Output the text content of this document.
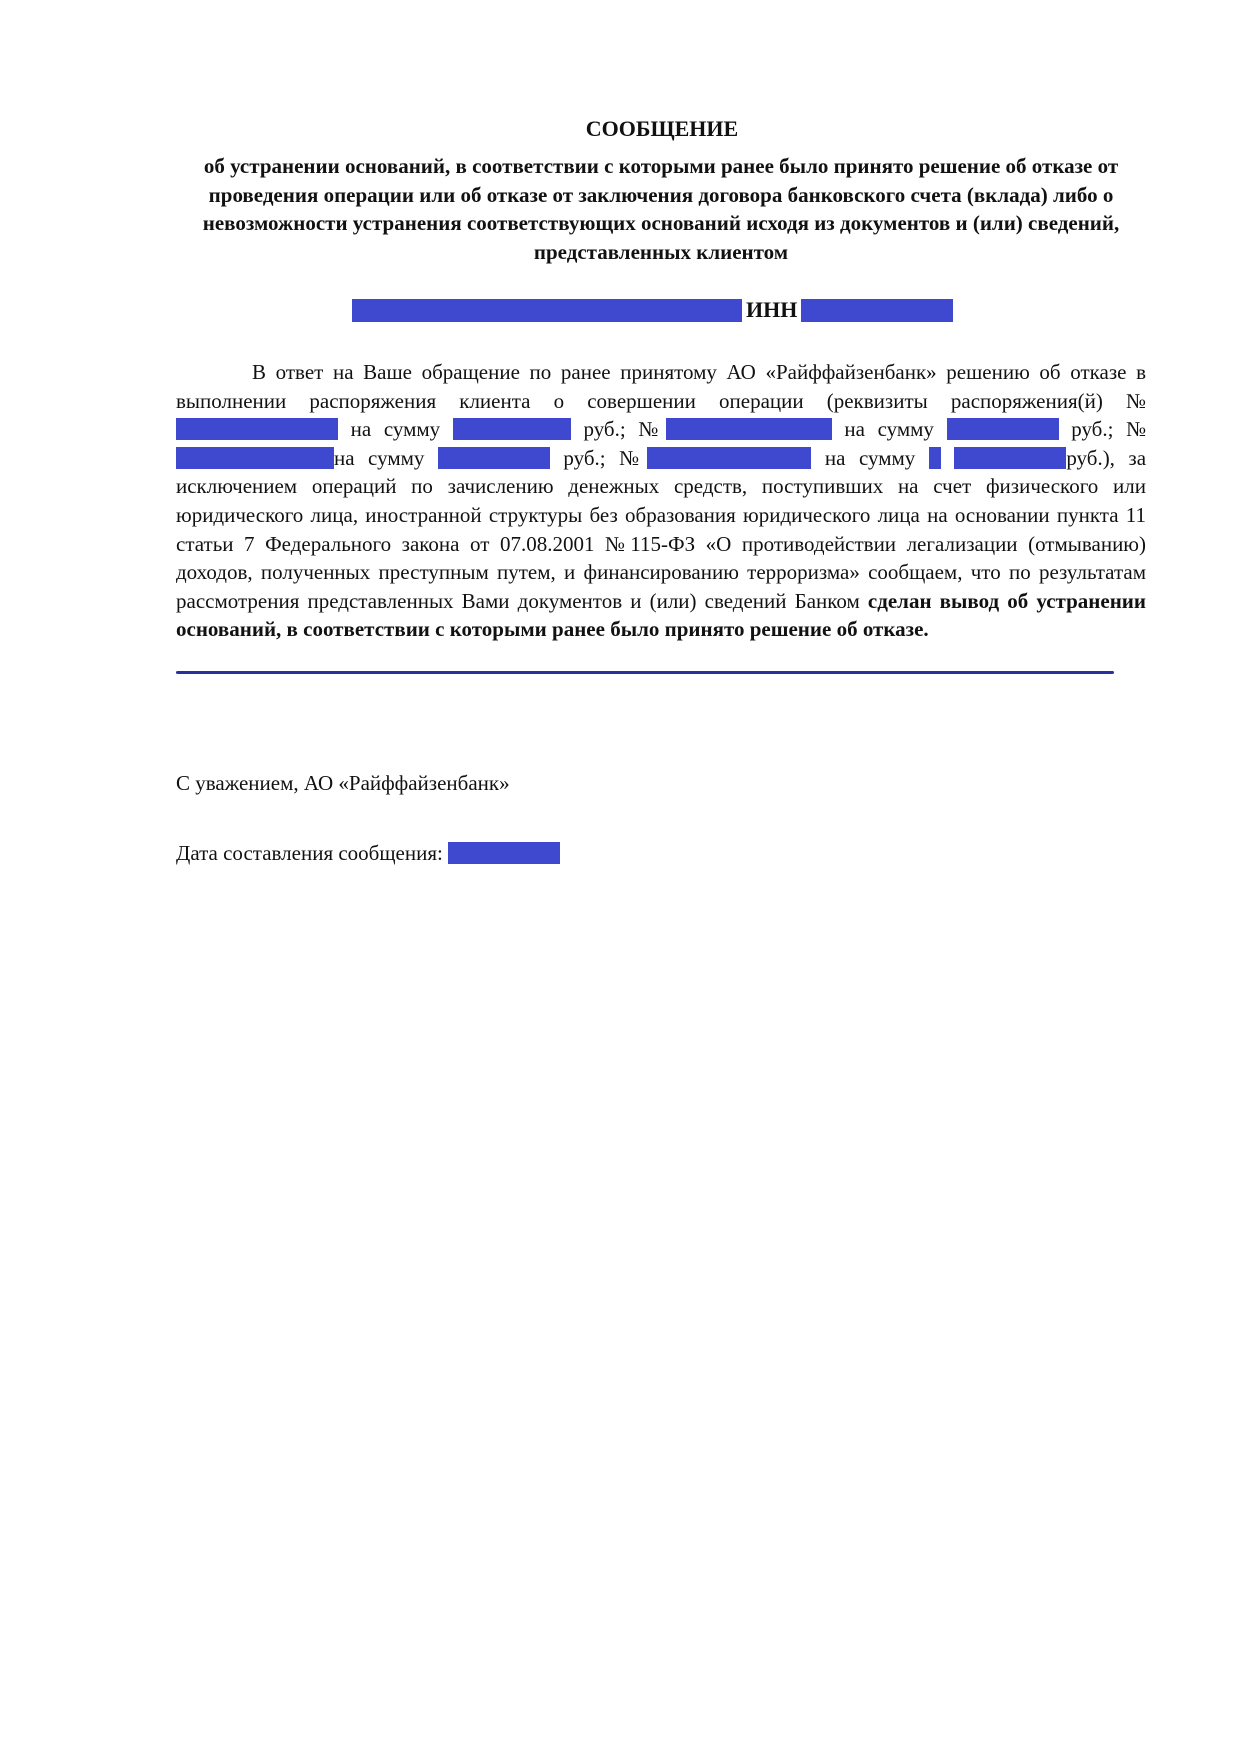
СООБЩЕНИЕ
об устранении оснований, в соответствии с которыми ранее было принято решение об отказе от проведения операции или об отказе от заключения договора банковского счета (вклада) либо о невозможности устранения соответствующих оснований исходя из документов и (или) сведений, представленных клиентом
ИНН

В ответ на Ваше обращение по ранее принятому АО «Райффайзенбанк» решению об отказе в выполнении распоряжения клиента о совершении операции (реквизиты распоряжения(й) № на сумму	руб.; №	на сумму	руб.; №на сумму	руб.; №	на сумму	руб.), за исключением операций по зачислению денежных средств, поступивших на счет физического или юридического лица, иностранной структуры без образования юридического лица на основании пункта 11 статьи 7 Федерального закона от 07.08.2001 №115-ФЗ «О противодействии легализации (отмыванию) доходов, полученных преступным путем, и финансированию терроризма» сообщаем, что по результатам рассмотрения представленных Вами документов и (или) сведений Банком сделан вывод об устранении оснований, в соответствии с которыми ранее было принято решение об отказе.

С уважением, АО «Райффайзенбанк»
Дата составления сообщения:
